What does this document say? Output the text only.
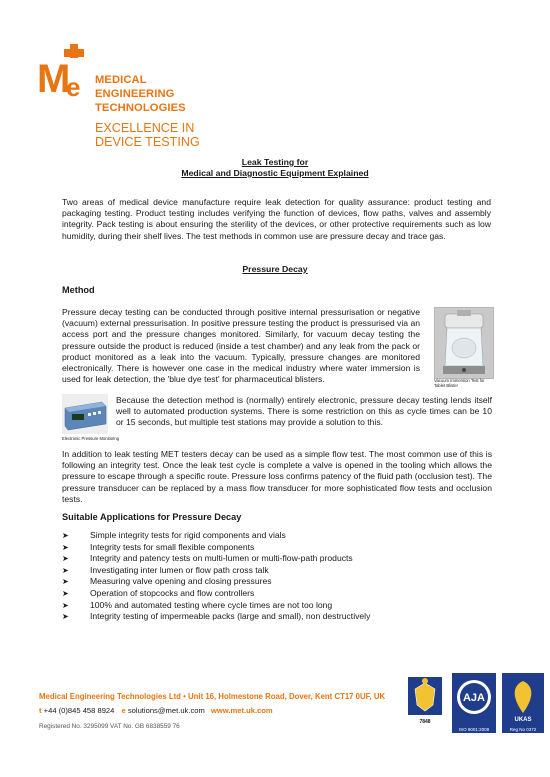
M
e MEDICAL
ENGINEERING
TECHNOLOGIES
EXCELLENCE IN
DEVICE TESTING
Leak Testing for
Medical and Diagnostic Equipment Explained
Two areas of medical device manufacture require leak detection for quality assurance: product testing and packaging testing. Product testing includes verifying the function of devices, flow paths, valves and assembly integrity. Pack testing is about ensuring the sterility of the devices, or other protective requirements such as low humidity, during their shelf lives. The test methods in common use are pressure decay and trace gas.
Pressure Decay
Method
Pressure decay testing can be conducted through positive internal pressurisation or negative (vacuum) external pressurisation. In positive pressure testing the product is pressurised via an access port and the pressure changes monitored. Similarly, for vacuum decay testing the pressure outside the product is reduced (inside a test chamber) and any leak from the pack or product monitored as a leak into the vacuum. Typically, pressure changes are monitored electronically. There is however one case in the medical industry where water immersion is used for leak detection, the 'blue dye test' for pharmaceutical blisters.	Vacuum Immersion Test for Tablet Blister
Electronic Pressure Monitoring
Because the detection method is (normally) entirely electronic, pressure decay testing lends itself well to automated production systems. There is some restriction on this as cycle times can be 10 or 15 seconds, but multiple test stations may provide a solution to this.
In addition to leak testing MET testers decay can be used as a simple flow test. The most common use of this is following an integrity test. Once the leak test cycle is complete a valve is opened in the tooling which allows the pressure to escape through a specific route. Pressure loss confirms patency of the fluid path (occlusion test). The pressure transducer can be replaced by a mass flow transducer for more sophisticated flow tests and occlusion tests.
Suitable Applications for Pressure Decay
➤ Simple integrity tests for rigid components and vials
➤ Integrity tests for small flexible components
➤ Integrity and patency tests on multi-lumen or multi-flow-path products
➤ Investigating inter lumen or flow path cross talk
➤ Measuring valve opening and closing pressures
➤ Operation of stopcocks and flow controllers
➤ 100% and automated testing where cycle times are not too long
➤ Integrity testing of impermeable packs (large and small), non destructively
Medical Engineering Technologies Ltd • Unit 16, Holmestone Road, Dover, Kent CT17 0UF, UK
t +44 (0)845 458 8924 e solutions@met.uk.com www.met.uk.com
Registered No. 3295099 VAT No. GB 6838559 76
7848
AJA
ISO 9001:2008
UKAS
Reg No 0372
